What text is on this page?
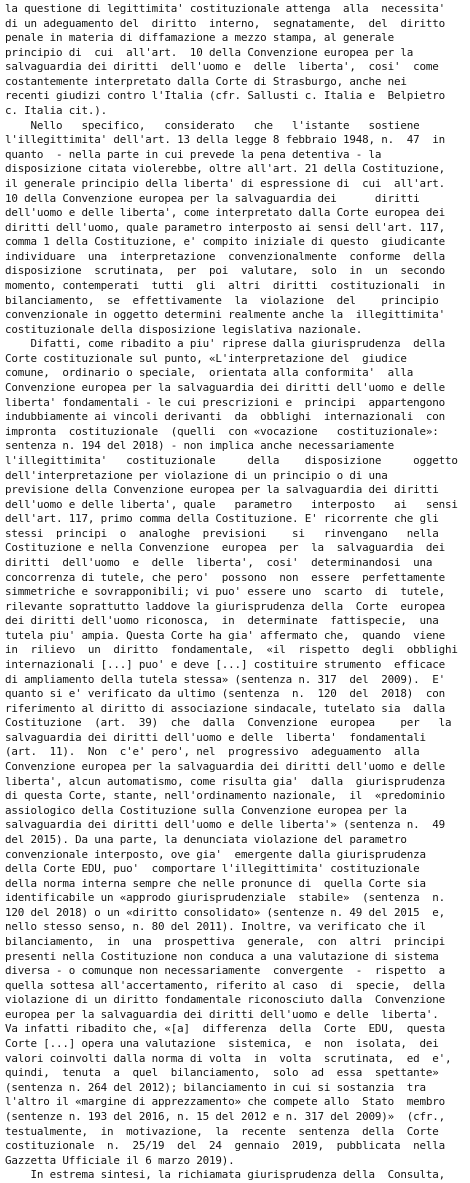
la questione di legittimita' costituzionale attenga  alla  necessita'
di un adeguamento del  diritto  interno,  segnatamente,  del  diritto
penale in materia di diffamazione a mezzo stampa, al generale
principio di  cui  all'art.  10 della Convenzione europea per la
salvaguardia dei diritti  dell'uomo e  delle  liberta',  cosi'  come
costantemente interpretato dalla Corte di Strasburgo, anche nei
recenti giudizi contro l'Italia (cfr. Sallusti c. Italia e  Belpietro
c. Italia cit.).
Nello   specifico,   considerato   che   l'istante   sostiene
l'illegittimita' dell'art. 13 della legge 8 febbraio 1948, n.  47  in
quanto  - nella parte in cui prevede la pena detentiva - la
disposizione citata violerebbe, oltre all'art. 21 della Costituzione,
il generale principio della liberta' di espressione di  cui  all'art.
10 della Convenzione europea per la salvaguardia dei      diritti
dell'uomo e delle liberta', come interpretato dalla Corte europea dei
diritti dell'uomo, quale parametro interposto ai sensi dell'art. 117,
comma 1 della Costituzione, e' compito iniziale di questo  giudicante
individuare  una  interpretazione  convenzionalmente  conforme  della
disposizione  scrutinata,  per  poi  valutare,  solo  in  un  secondo
momento, contemperati  tutti  gli  altri  diritti  costituzionali  in
bilanciamento,  se  effettivamente  la  violazione  del    principio
convenzionale in oggetto determini realmente anche la  illegittimita'
costituzionale della disposizione legislativa nazionale.
Difatti, come ribadito a piu' riprese dalla giurisprudenza  della
Corte costituzionale sul punto, «L'interpretazione del  giudice
comune,  ordinario o speciale,  orientata alla conformita'  alla
Convenzione europea per la salvaguardia dei diritti dell'uomo e delle
liberta' fondamentali - le cui prescrizioni e  principi  appartengono
indubbiamente ai vincoli derivanti  da  obblighi  internazionali  con
impronta  costituzionale  (quelli  con «vocazione   costituzionale»:
sentenza n. 194 del 2018) - non implica anche necessariamente
l'illegittimita'   costituzionale     della    disposizione     oggetto
dell'interpretazione per violazione di un principio o di una
previsione della Convenzione europea per la salvaguardia dei diritti
dell'uomo e delle liberta', quale   parametro   interposto   ai   sensi
dell'art. 117, primo comma della Costituzione. E' ricorrente che gli
stessi  principi  o  analoghe  previsioni    si   rinvengano   nella
Costituzione e nella Convenzione  europea  per  la  salvaguardia  dei
diritti  dell'uomo  e  delle  liberta',  cosi'  determinandosi  una
concorrenza di tutele, che pero'  possono  non  essere  perfettamente
simmetriche e sovrapponibili; vi puo' essere uno  scarto  di  tutele,
rilevante soprattutto laddove la giurisprudenza della  Corte  europea
dei diritti dell'uomo riconosca,  in  determinate  fattispecie,  una
tutela piu' ampia. Questa Corte ha gia' affermato che,  quando  viene
in  rilievo  un  diritto  fondamentale,  «il  rispetto  degli  obblighi
internazionali [...] puo' e deve [...] costituire strumento  efficace
di ampliamento della tutela stessa» (sentenza n. 317  del  2009).  E'
quanto si e' verificato da ultimo (sentenza  n.  120  del  2018)  con
riferimento al diritto di associazione sindacale, tutelato sia  dalla
Costituzione  (art.  39)  che  dalla  Convenzione  europea    per   la
salvaguardia dei diritti dell'uomo e delle  liberta'  fondamentali
(art.  11).  Non  c'e' pero', nel  progressivo  adeguamento  alla
Convenzione europea per la salvaguardia dei diritti dell'uomo e delle
liberta', alcun automatismo, come risulta gia'  dalla  giurisprudenza
di questa Corte, stante, nell'ordinamento nazionale,  il  «predominio
assiologico della Costituzione sulla Convenzione europea per la
salvaguardia dei diritti dell'uomo e delle liberta'» (sentenza n.  49
del 2015). Da una parte, la denunciata violazione del parametro
convenzionale interposto, ove gia'  emergente dalla giurisprudenza
della Corte EDU, puo'  comportare l'illegittimita' costituzionale
della norma interna sempre che nelle pronunce di  quella Corte sia
identificabile un «approdo giurisprudenziale  stabile»  (sentenza  n.
120 del 2018) o un «diritto consolidato» (sentenze n. 49 del 2015  e,
nello stesso senso, n. 80 del 2011). Inoltre, va verificato che il
bilanciamento,  in  una  prospettiva  generale,  con  altri  principi
presenti nella Costituzione non conduca a una valutazione di sistema
diversa - o comunque non necessariamente  convergente  -  rispetto  a
quella sottesa all'accertamento, riferito al caso  di  specie,  della
violazione di un diritto fondamentale riconosciuto dalla  Convenzione
europea per la salvaguardia dei diritti dell'uomo e delle  liberta'.
Va infatti ribadito che, «[a]  differenza  della  Corte  EDU,  questa
Corte [...] opera una valutazione  sistemica,  e  non  isolata,  dei
valori coinvolti dalla norma di volta  in  volta  scrutinata,  ed  e',
quindi,  tenuta  a  quel  bilanciamento,  solo  ad  essa  spettante»
(sentenza n. 264 del 2012); bilanciamento in cui si sostanzia  tra
l'altro il «margine di apprezzamento» che compete allo  Stato  membro
(sentenze n. 193 del 2016, n. 15 del 2012 e n. 317 del 2009)»  (cfr.,
testualmente,  in  motivazione,  la  recente  sentenza  della  Corte
costituzionale  n.  25/19  del  24  gennaio  2019,  pubblicata  nella
Gazzetta Ufficiale il 6 marzo 2019).
In estrema sintesi, la richiamata giurisprudenza della  Consulta,
